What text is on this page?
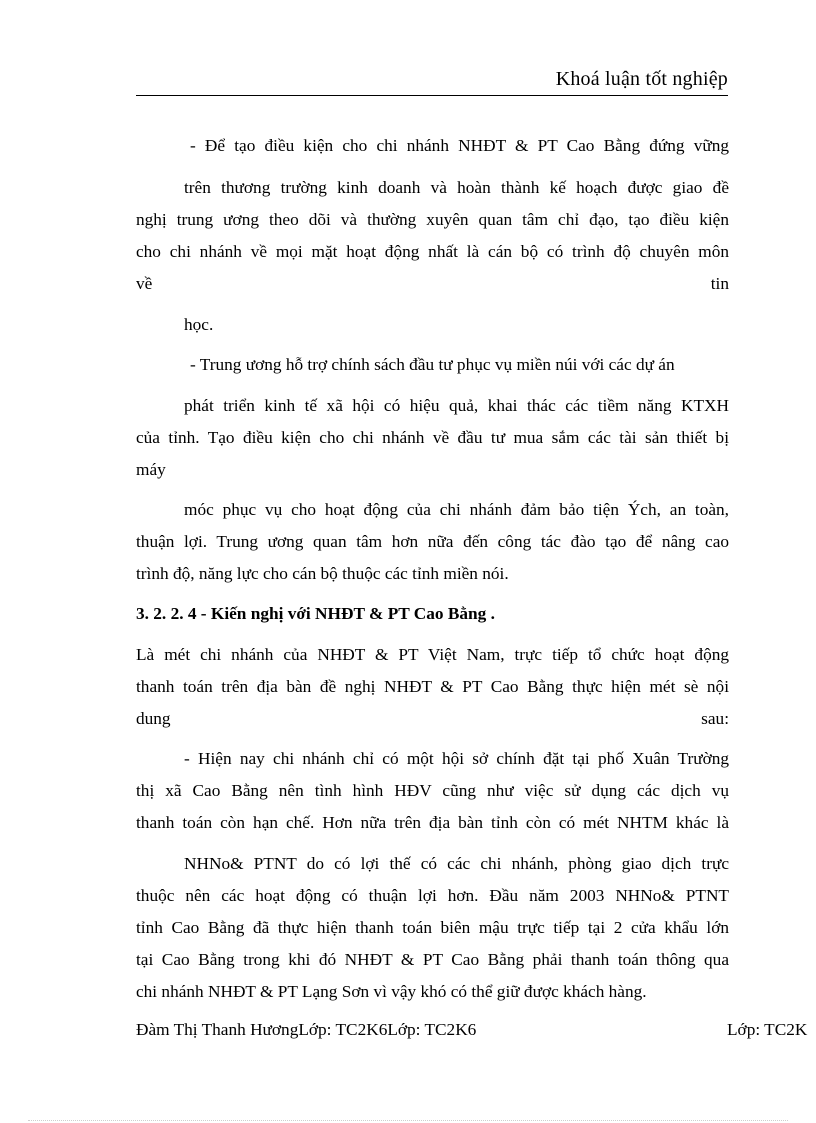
Khoá luận tốt nghiệp
- Để tạo điều kiện cho chi nhánh NHĐT & PT Cao Bằng đứng vững
trên thương trường kinh doanh và hoàn thành kế hoạch được giao đề
nghị trung ương theo dõi và thường xuyên quan tâm chỉ đạo, tạo điều kiện
cho chi nhánh về mọi mặt hoạt động nhất là cán bộ có trình độ chuyên môn
về	tin
học.
- Trung ương hỗ trợ chính sách đầu tư phục vụ miền núi với các dự án
phát triển kinh tế xã hội có hiệu quả, khai thác các tiềm năng KTXH
của tỉnh. Tạo điều kiện cho chi nhánh về đầu tư mua sắm các tài sản thiết bị
máy
móc phục vụ cho hoạt động của chi nhánh đảm bảo tiện Ých, an toàn,
thuận lợi. Trung ương quan tâm hơn nữa đến công tác đào tạo để nâng cao
trình độ, năng lực cho cán bộ thuộc các tỉnh miền nói.
3. 2. 2. 4 - Kiến nghị với NHĐT & PT Cao Bằng .
Là mét chi nhánh của NHĐT & PT Việt Nam, trực tiếp tổ chức hoạt động
thanh toán trên địa bàn đề nghị NHĐT & PT Cao Bằng thực hiện mét sè nội
dung	sau:
- Hiện nay chi nhánh chỉ có một hội sở chính đặt tại phố Xuân Trường
thị xã Cao Bằng nên tình hình HĐV cũng như việc sử dụng các dịch vụ
thanh toán còn hạn chế. Hơn nữa trên địa bàn tỉnh còn có mét NHTM khác là
NHNo& PTNT do có lợi thế có các chi nhánh, phòng giao dịch trực
thuộc nên các hoạt động có thuận lợi hơn. Đầu năm 2003 NHNo& PTNT
tỉnh Cao Bằng đã thực hiện thanh toán biên mậu trực tiếp tại 2 cửa khẩu lớn
tại Cao Bằng trong khi đó NHĐT & PT Cao Bằng phải thanh toán thông qua
chi nhánh NHĐT & PT Lạng Sơn vì vậy khó có thể giữ được khách hàng.
Đàm Thị Thanh HươngLớp: TC2K6Lớp: TC2K6	Lớp: TC2K
